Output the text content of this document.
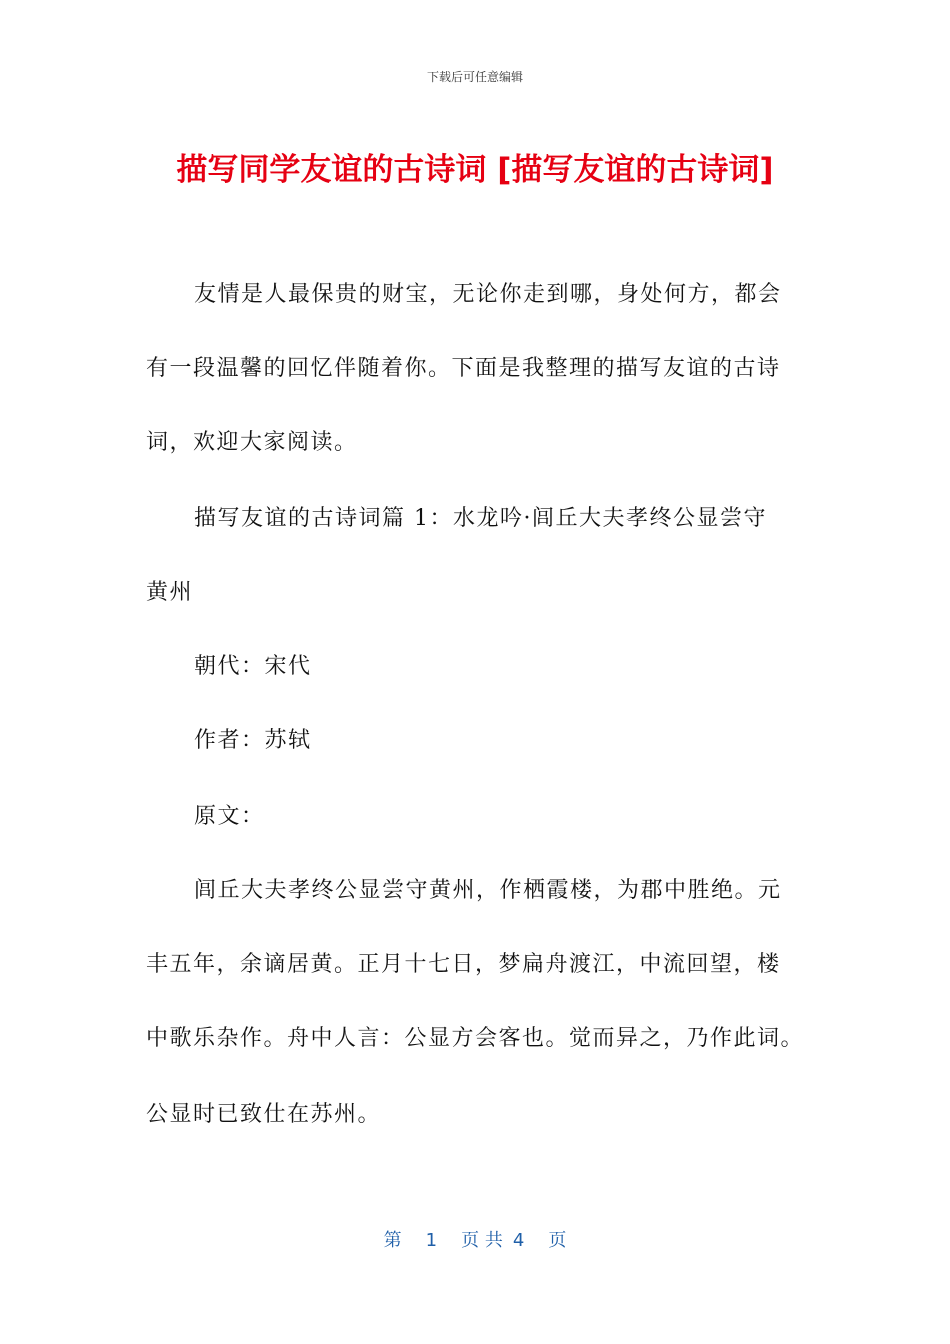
下载后可任意编辑
描写同学友谊的古诗词 [描写友谊的古诗词]
友情是人最保贵的财宝，无论你走到哪，身处何方，都会
有一段温馨的回忆伴随着你。下面是我整理的描写友谊的古诗
词，欢迎大家阅读。
描写友谊的古诗词篇 1：水龙吟·闾丘大夫孝终公显尝守
黄州
朝代：宋代
作者：苏轼
原文：
闾丘大夫孝终公显尝守黄州，作栖霞楼，为郡中胜绝。元
丰五年，余谪居黄。正月十七日，梦扁舟渡江，中流回望，楼
中歌乐杂作。舟中人言：公显方会客也。觉而异之，乃作此词。
公显时已致仕在苏州。
第 1 页 共 4 页
